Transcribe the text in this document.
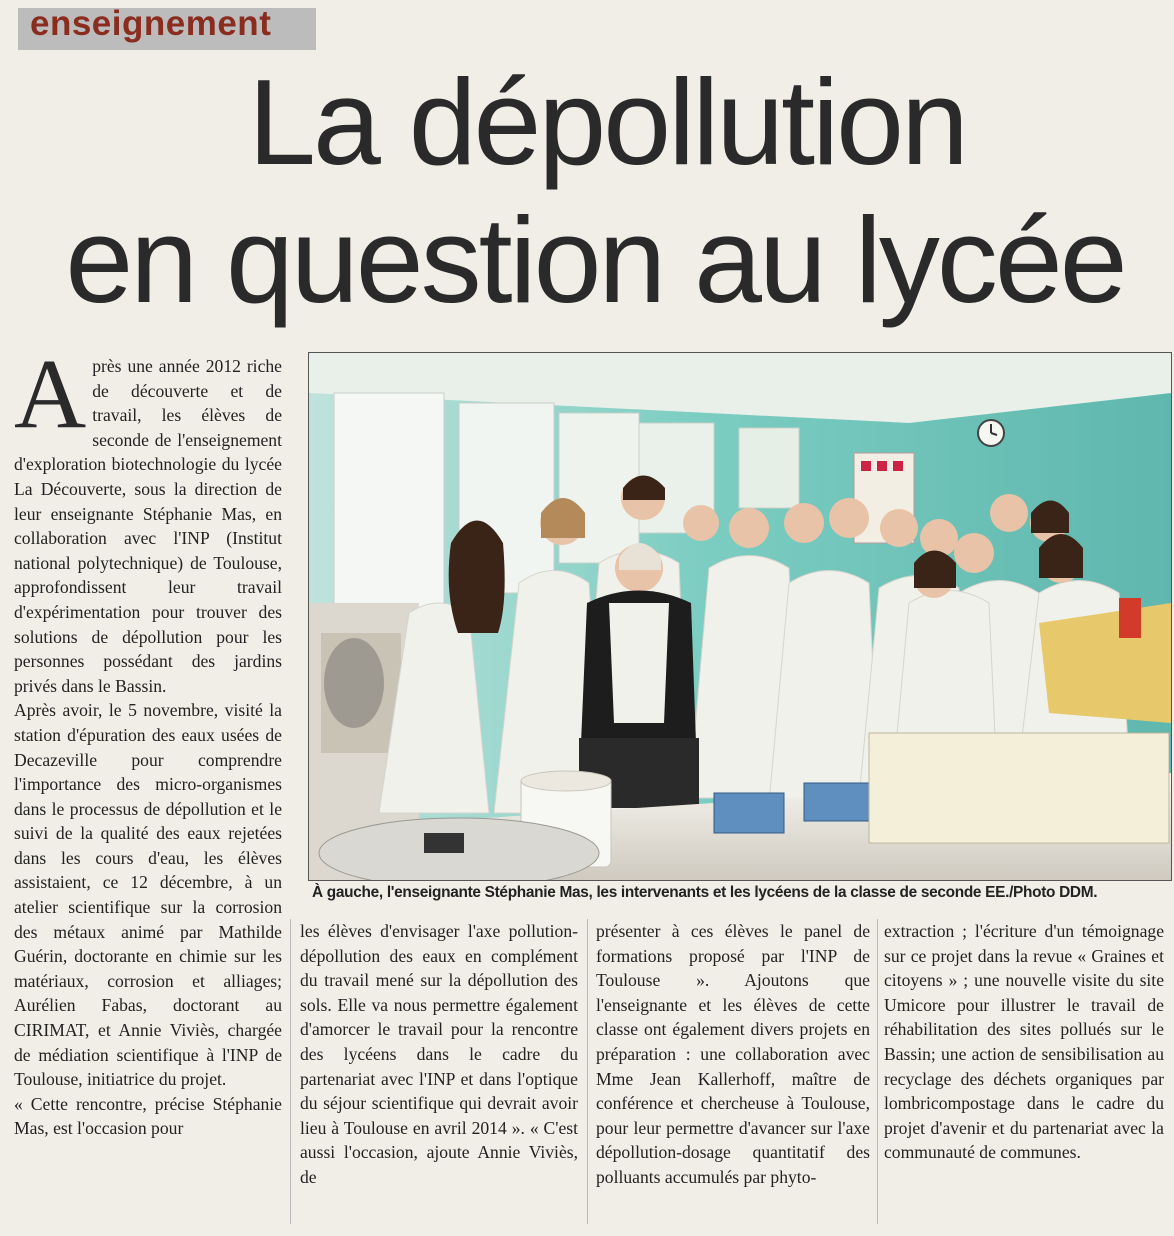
enseignement
La dépollution
en question au lycée
À gauche, l'enseignante Stéphanie Mas, les intervenants et les lycéens de la classe de seconde EE./Photo DDM.
A près une année 2012 riche de découverte et de travail, les élèves de seconde de l'enseignement d'exploration biotechnologie du lycée La Découverte, sous la direction de leur enseignante Stéphanie Mas, en collaboration avec l'INP (Institut national polytechnique) de Toulouse, approfondissent leur travail d'expérimentation pour trouver des solutions de dépollution pour les personnes possédant des jardins privés dans le Bassin.

Après avoir, le 5 novembre, visité la station d'épuration des eaux usées de Decazeville pour comprendre l'importance des micro-organismes dans le processus de dépollution et le suivi de la qualité des eaux rejetées dans les cours d'eau, les élèves assistaient, ce 12 décembre, à un atelier scientifique sur la corrosion des métaux animé par Mathilde Guérin, doctorante en chimie sur les matériaux, corrosion et alliages; Aurélien Fabas, doctorant au CIRIMAT, et Annie Viviès, chargée de médiation scientifique à l'INP de Toulouse, initiatrice du projet.

« Cette rencontre, précise Stéphanie Mas, est l'occasion pour

les élèves d'envisager l'axe pollution-dépollution des eaux en complément du travail mené sur la dépollution des sols. Elle va nous permettre également d'amorcer le travail pour la rencontre des lycéens dans le cadre du partenariat avec l'INP et dans l'optique du séjour scientifique qui devrait avoir lieu à Toulouse en avril 2014 ». « C'est aussi l'occasion, ajoute Annie Viviès, de

présenter à ces élèves le panel de formations proposé par l'INP de Toulouse ». Ajoutons que l'enseignante et les élèves de cette classe ont également divers projets en préparation : une collaboration avec Mme Jean Kallerhoff, maître de conférence et chercheuse à Toulouse, pour leur permettre d'avancer sur l'axe dépollution-dosage quantitatif des polluants accumulés par phyto-

extraction ; l'écriture d'un témoignage sur ce projet dans la revue « Graines et citoyens » ; une nouvelle visite du site Umicore pour illustrer le travail de réhabilitation des sites pollués sur le Bassin; une action de sensibilisation au recyclage des déchets organiques par lombricompostage dans le cadre du projet d'avenir et du partenariat avec la communauté de communes.
